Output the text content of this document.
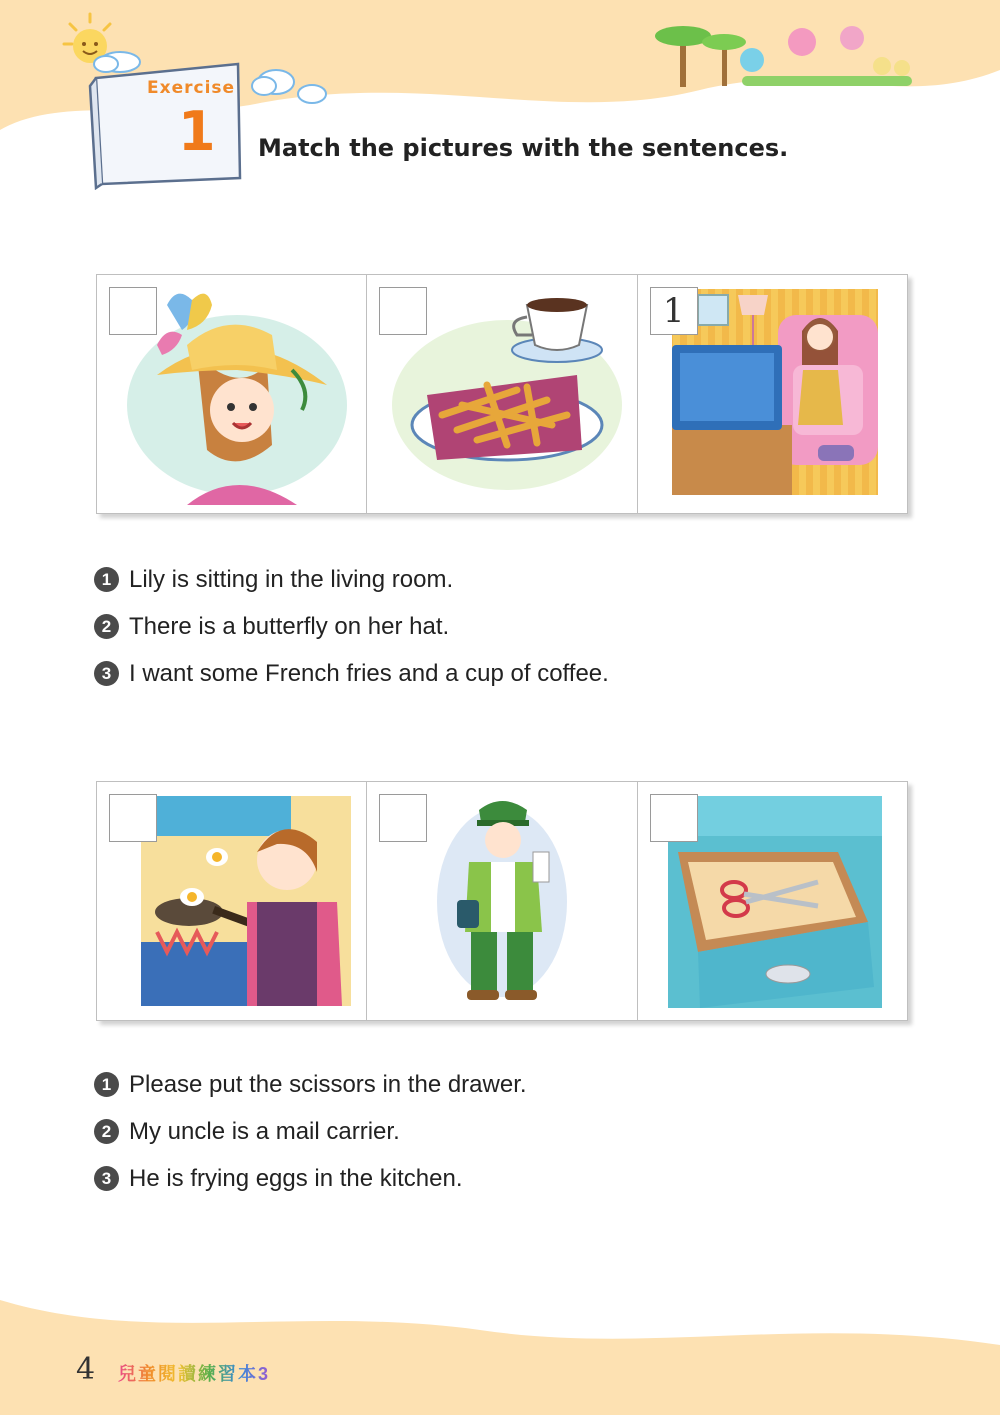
Exercise
1 Match the pictures with the sentences.
1
1 Lily is sitting in the living room.
2 There is a butterfly on her hat.
3 I want some French fries and a cup of coffee.
1 Please put the scissors in the drawer.
2 My uncle is a mail carrier.
3 He is frying eggs in the kitchen.
4 兒童閱讀練習本3
